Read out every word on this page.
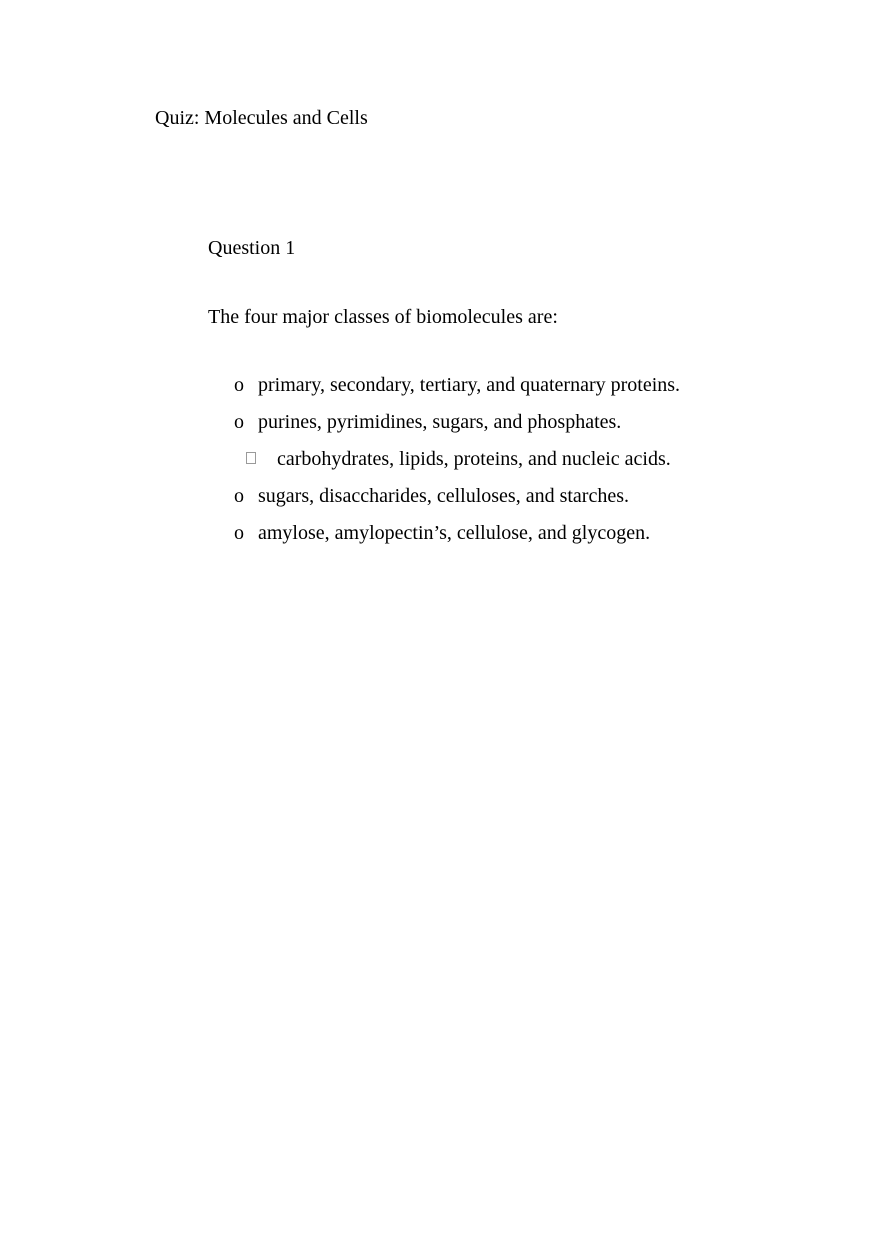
Quiz: Molecules and Cells
Question 1
The four major classes of biomolecules are:
o primary, secondary, tertiary, and quaternary proteins.
o purines, pyrimidines, sugars, and phosphates.
carbohydrates, lipids, proteins, and nucleic acids.
o sugars, disaccharides, celluloses, and starches.
o amylose, amylopectin’s, cellulose, and glycogen.
